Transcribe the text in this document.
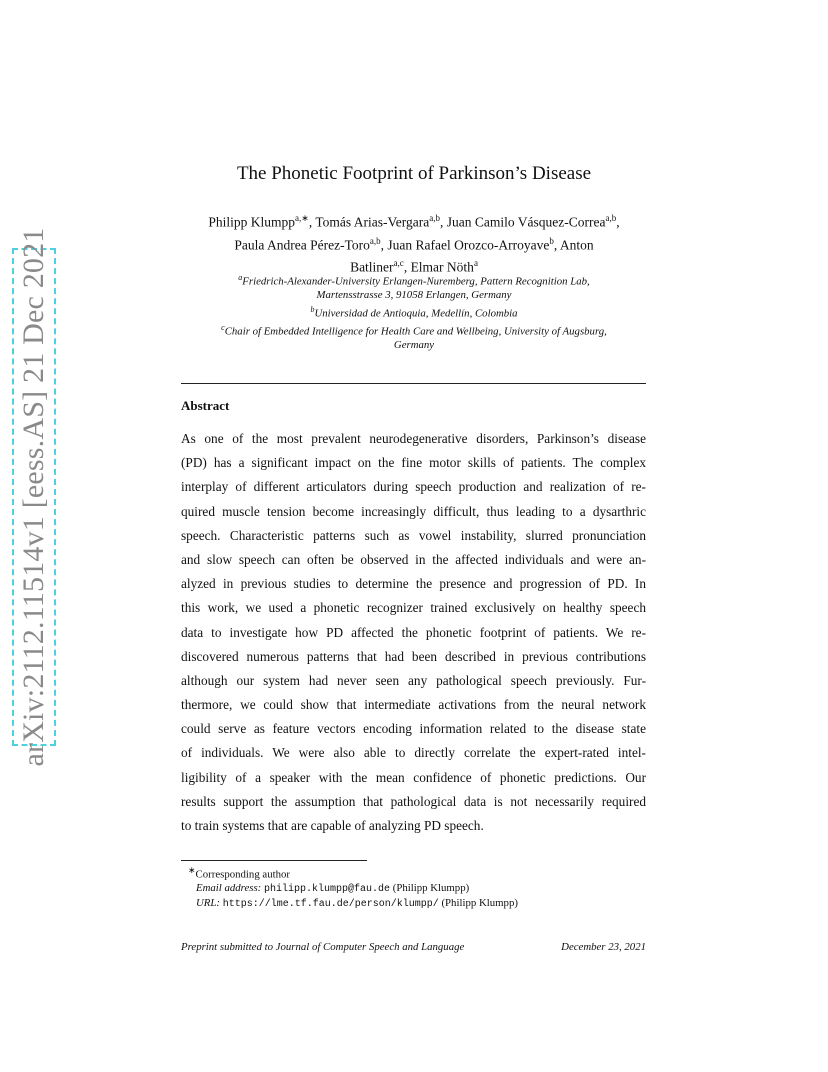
arXiv:2112.11514v1 [eess.AS] 21 Dec 2021
The Phonetic Footprint of Parkinson’s Disease
Philipp Klumpp$^{a,∗}$, Tomás Arias-Vergara$^{a,b}$, Juan Camilo Vásquez-Correa$^{a,b}$,
Paula Andrea Pérez-Toro$^{a,b}$, Juan Rafael Orozco-Arroyave$^b$, Anton
Batliner$^{a,c}$, Elmar Nöth$^a$
$^a$Friedrich-Alexander-University Erlangen-Nuremberg, Pattern Recognition Lab,
Martensstrasse 3, 91058 Erlangen, Germany
$^b$Universidad de Antioquia, Medellín, Colombia
$^c$Chair of Embedded Intelligence for Health Care and Wellbeing, University of Augsburg,
Germany
Abstract
As one of the most prevalent neurodegenerative disorders, Parkinson’s disease
(PD) has a significant impact on the fine motor skills of patients. The complex
interplay of different articulators during speech production and realization of re-
quired muscle tension become increasingly difficult, thus leading to a dysarthric
speech. Characteristic patterns such as vowel instability, slurred pronunciation
and slow speech can often be observed in the affected individuals and were an-
alyzed in previous studies to determine the presence and progression of PD. In
this work, we used a phonetic recognizer trained exclusively on healthy speech
data to investigate how PD affected the phonetic footprint of patients. We re-
discovered numerous patterns that had been described in previous contributions
although our system had never seen any pathological speech previously. Fur-
thermore, we could show that intermediate activations from the neural network
could serve as feature vectors encoding information related to the disease state
of individuals. We were also able to directly correlate the expert-rated intel-
ligibility of a speaker with the mean confidence of phonetic predictions. Our
results support the assumption that pathological data is not necessarily required
to train systems that are capable of analyzing PD speech.
∗Corresponding author
Email address: philipp.klumpp@fau.de (Philipp Klumpp)
URL: https://lme.tf.fau.de/person/klumpp/ (Philipp Klumpp)
Preprint submitted to Journal of Computer Speech and Language	December 23, 2021
